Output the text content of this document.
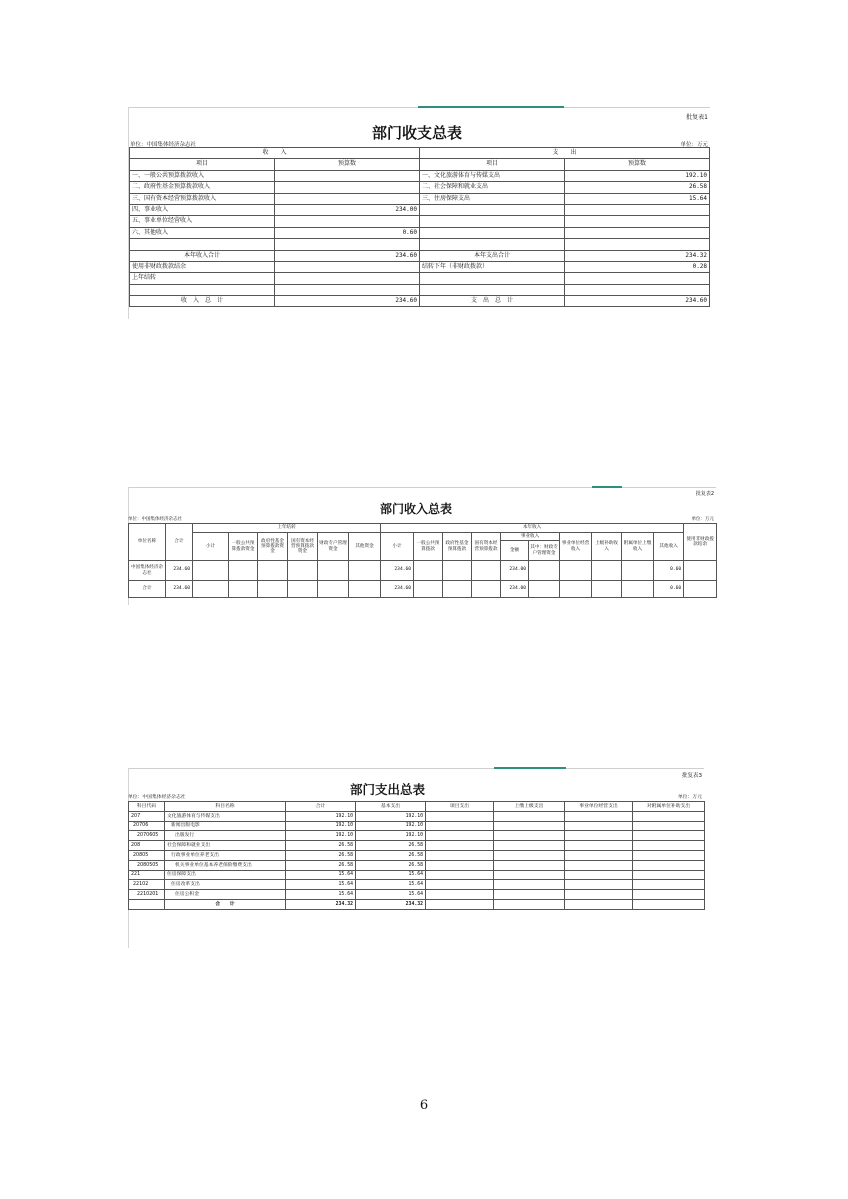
批复表1
部门收支总表
单位：中国集体经济杂志社	单位：万元
收　　入		支　　出	
项目	预算数	项目	预算数
一、一般公共预算拨款收入		一、文化旅游体育与传媒支出	192.10
二、政府性基金预算拨款收入		二、社会保障和就业支出	26.58
三、国有资本经营预算拨款收入		三、住房保障支出	15.64
四、事业收入	234.00		
五、事业单位经营收入			
六、其他收入	0.60		

本年收入合计	234.60	本年支出合计	234.32
使用非财政拨款结余		结转下年（非财政拨款）	0.28
上年结转			

收　入　总　计	234.60	支　出　总　计	234.60
批复表2
部门收入总表
单位：中国集体经济杂志社	单位：万元
单位名称	合计	上年结转						本年收入										使用非财政拨款结余
		小计	一般公共预算拨款资金	政府性基金预算拨款资金	国有资本经营预算拨款资金	财政专户管理资金	其他资金	小计	一般公共预算拨款	政府性基金预算拨款	国有资本经营预算拨款	事业收入		事业单位经营收入	上级补助收入	附属单位上缴收入	其他收入	
												金额	其中：财政专户管理资金					
中国集体经济杂志社	234.60							234.60				234.00					0.60	
合计	234.60							234.60				234.00					0.60	
批复表3
部门支出总表
单位：中国集体经济杂志社	单位：万元
科目代码	科目名称	合计	基本支出	项目支出	上缴上级支出	事业单位经营支出	对附属单位补助支出
207	文化旅游体育与传媒支出	192.10	192.10				
20706	新闻出版电影	192.10	192.10				
2070605	出版发行	192.10	192.10				
208	社会保障和就业支出	26.58	26.58				
20805	行政事业单位养老支出	26.58	26.58				
2080505	机关事业单位基本养老保险缴费支出	26.58	26.58				
221	住房保障支出	15.64	15.64				
22102	住房改革支出	15.64	15.64				
2210201	住房公积金	15.64	15.64				
	合　　计	234.32	234.32				
6
